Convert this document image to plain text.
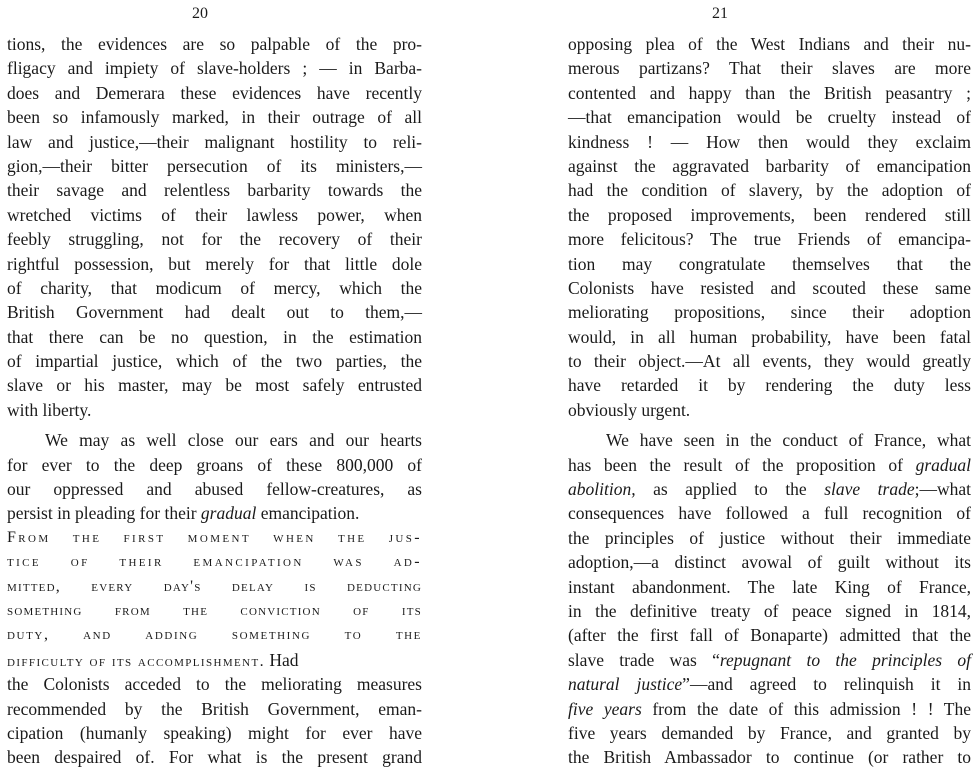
20
tions, the evidences are so palpable of the pro-
fligacy and impiety of slave-holders ; — in Barba-
does and Demerara these evidences have recently
been so infamously marked, in their outrage of all
law and justice,—their malignant hostility to reli-
gion,—their bitter persecution of its ministers,—
their savage and relentless barbarity towards the
wretched victims of their lawless power, when
feebly struggling, not for the recovery of their
rightful possession, but merely for that little dole
of charity, that modicum of mercy, which the
British Government had dealt out to them,—
that there can be no question, in the estimation
of impartial justice, which of the two parties, the
slave or his master, may be most safely entrusted
with liberty.
We may as well close our ears and our hearts
for ever to the deep groans of these 800,000 of
our oppressed and abused fellow-creatures, as
persist in pleading for their gradual emancipation.
From the first moment when the jus-
tice of their emancipation was ad-
mitted, every day's delay is deducting
something from the conviction of its
duty, and adding something to the
difficulty of its accomplishment. Had
the Colonists acceded to the meliorating measures
recommended by the British Government, eman-
cipation (humanly speaking) might for ever have
been despaired of. For what is the present grand
21
opposing plea of the West Indians and their nu-
merous partizans? That their slaves are more
contented and happy than the British peasantry ;
—that emancipation would be cruelty instead of
kindness ! — How then would they exclaim
against the aggravated barbarity of emancipation
had the condition of slavery, by the adoption of
the proposed improvements, been rendered still
more felicitous? The true Friends of emancipa-
tion may congratulate themselves that the
Colonists have resisted and scouted these same
meliorating propositions, since their adoption
would, in all human probability, have been fatal
to their object.—At all events, they would greatly
have retarded it by rendering the duty less
obviously urgent.
We have seen in the conduct of France, what
has been the result of the proposition of gradual
abolition, as applied to the slave trade;—what
consequences have followed a full recognition of
the principles of justice without their immediate
adoption,—a distinct avowal of guilt without its
instant abandonment. The late King of France,
in the definitive treaty of peace signed in 1814,
(after the first fall of Bonaparte) admitted that the
slave trade was “repugnant to the principles of
natural justice”—and agreed to relinquish it in
five years from the date of this admission ! ! The
five years demanded by France, and granted by
the British Ambassador to continue (or rather to
